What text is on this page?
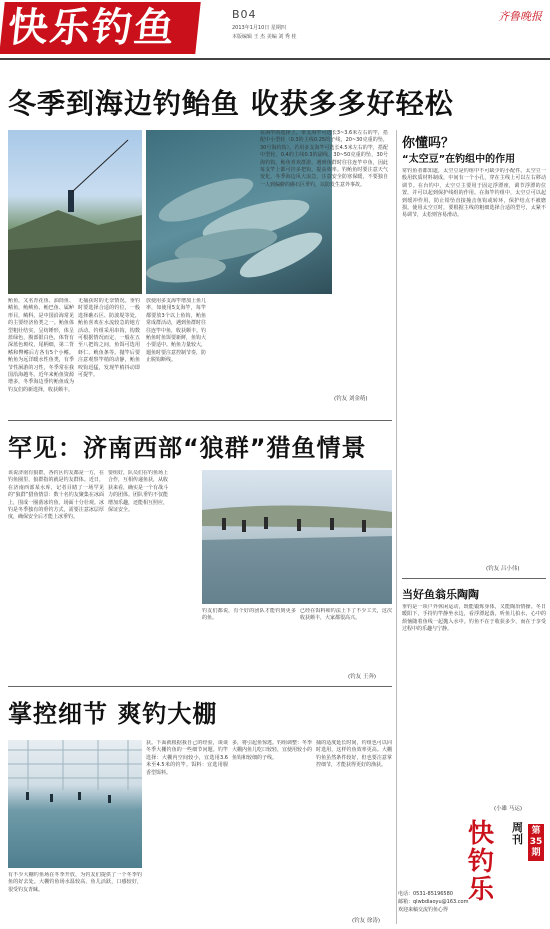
快乐钓鱼	B04
2013年1月10日 星期四
本版编辑 王 杰 美编 刘 秀 桂
齐鲁晚报
冬季到海边钓鲐鱼 收获多多好轻松
鲐鱼，又名青花鱼、油筒鱼、鲭鱼，鲐鲅鱼、鲐巴鱼、属鲈形目，鲭科，是中国沿海常见的主要经济鱼类之一。鲐鱼体型粗壮结实，呈纺锤形，体呈蓝绿色，腹部银白色，体背有深蓝色斑纹，尾柄细，第二背鳍和臀鳍后方各有5个小鳍。鲐鱼为远洋暖水性鱼类，有季节性洄游的习性，冬季常在我国沿海越冬。近年来鲐鱼资源增多，冬季海边垂钓鲐鱼成为钓友们的新选择，收获颇丰。
无捕获时的无奈情况。垂钓时要选择合适的钓位，一般选择礁石区、防波堤等处，鲐鱼喜欢在水流较急的地方活动。钓组采用串钩，钩数可根据情况而定，一般在五至八把钩之间，鱼饵可选用虾仁、鱿鱼条等。抛竿后要注意观察竿梢的动静，鲐鱼咬钩迅猛，发现竿梢抖动即可提竿。
放使用多支海竿增加上鱼几率，如使用5支海竿，每竿都要放3个以上鱼钩，鲐鱼常成群活动，遇到鱼群时往往连竿中鱼，收获颇丰。钓鲐鱼时鱼饵要新鲜，鱼钩大小要适中。鲐鱼力量较大，遛鱼时要注意控制节奏，防止脱钩断线。
在海竿的选择上，单支海竿可选长3~3.6米左右的竿，搭配中小型轮（0.3的主线0.25的子线，20~30克重的坠，30号海钓钩）。若用多支海竿可选长4.5米左右的竿，搭配中型轮，0.4的主线0.3的副线，30~50克重的坠，30号海钓钩。鲐鱼喜欢群游，遇到鱼群时往往连竿中鱼，因此每支竿上都可挂多把钩，提高效率。钓鲐鱼时要注意天气变化，冬季海边风大浪急，注意安全防寒保暖，不要独自一人到偏僻的礁石区垂钓，以防发生意外事故。
(钓友 刘金萌)
罕见：济南西部“狼群”猎鱼情景
该说济南有狼群，各钓区钓友都是一方，在钓鱼圈里，狼群指的就是钓友群体。近日，在济南西部某水库，记者目睹了一场罕见的“狼群”猎鱼情景：数十名钓友聚集在冰面上，围成一圈凿冰钓鱼，场面十分壮观。冰钓是冬季独有的垂钓方式，需要注意冰层厚度，确保安全后才能上冰垂钓。
要组好，队员们在钓鱼场上合作，互相传递鱼获，从收获来看，确实是一个有战斗力的团体。团队垂钓不仅能增加乐趣，还能相互照应，保证安全。
钓友们都说，有个好的团队才能钓到更多的鱼。
已经在饵料和钓法上下了不少工夫，这次收获颇丰，大家都很高兴。
(钓友 王奔)
掌控细节 爽钓大棚
有不少大棚钓鱼场在冬季开放，为钓友们提供了一个冬季钓鱼的好去处。大棚钓鱼场水温较高，鱼儿活跃，口感较好，很受钓友青睐。
获。下面就根据我自己的经验，谈谈冬季大棚钓鱼的一些细节问题。钓竿选择：大棚内空间较小，宜选用3.6米至4.5米的钓竿。饵料：宜选用腥香型饵料。
多，将引起鱼惊逃。钓组调整：冬季大棚内鱼儿吃口较轻，宜使用较小的鱼钩和较细的子线。
捕的适度延长时间，钓组也可以同时选用，这样钓鱼效率更高。大棚钓鱼虽然条件较好，但也要注意掌控细节，才能获得更好的渔获。
(钓友 徐涛)
你懂吗？
“太空豆”在钓组中的作用
常钓鱼者都知道，太空豆是钓组中不可缺少的小配件。太空豆一般用软质材料制成，中间有一个小孔，穿在主线上可以左右移动调节。在台钓中，太空豆主要用于固定浮漂座，调节浮漂的位置，并可以起到保护线组的作用。在海竿钓组中，太空豆可以起到缓冲作用，防止铅坠直接撞击鱼钩或转环，保护结点不被磨损。使用太空豆时，要根据主线的粗细选择合适的型号，太紧不易调节，太松则容易滑动。
(钓友 吕小伟)
当好鱼翁乐陶陶
垂钓是一项户外休闲运动，既能锻炼身体，又能陶冶情操。冬日暖阳下，手持钓竿静坐水边，看浮漂起落，听鱼儿拍水，心中的烦恼随着鱼线一起抛入水中。钓鱼不在于收获多少，而在于享受过程中的乐趣与宁静。
(小雄 马运)
快钓乐
周刊
第35期
电话：0531-85196580
邮箱：qlwbdiaoyu@163.com
欢迎来稿交流钓鱼心得
